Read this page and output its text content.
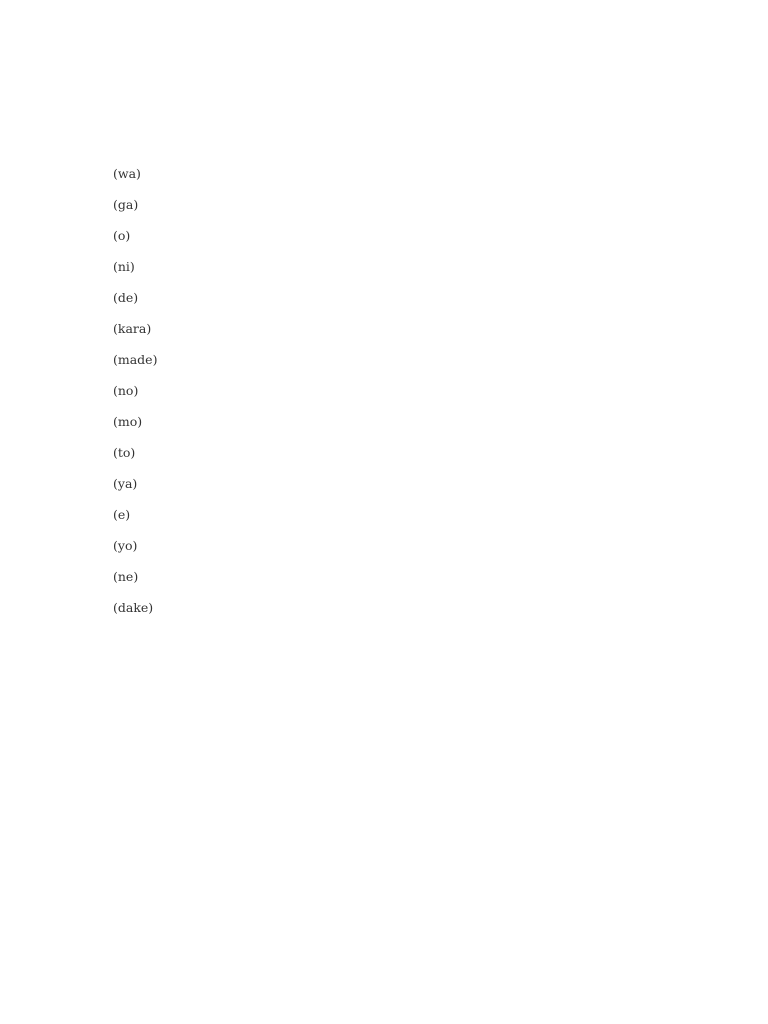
(wa)			
(ga)			
(o)			
(ni)			
(de)			
(kara)			
(made)			
(no)			
(mo)			
(to)			
(ya)			
(e)			
(yo)			
(ne)			
(dake)			
